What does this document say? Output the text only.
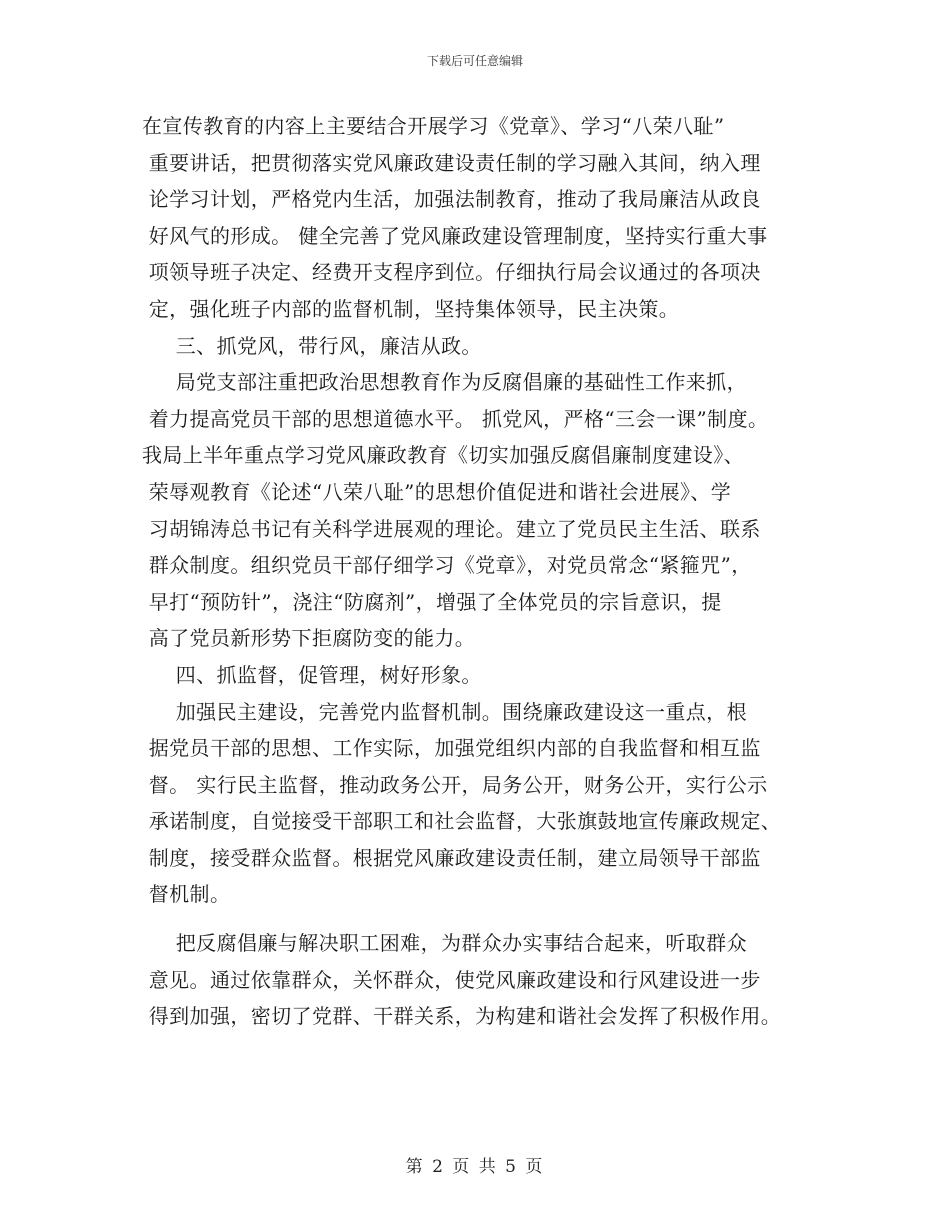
下载后可任意编辑
在宣传教育的内容上主要结合开展学习《党章》、学习“八荣八耻”
重要讲话，把贯彻落实党风廉政建设责任制的学习融入其间，纳入理
论学习计划，严格党内生活，加强法制教育，推动了我局廉洁从政良
好风气的形成。 健全完善了党风廉政建设管理制度，坚持实行重大事
项领导班子决定、经费开支程序到位。仔细执行局会议通过的各项决
定，强化班子内部的监督机制，坚持集体领导，民主决策。
三、抓党风，带行风，廉洁从政。
局党支部注重把政治思想教育作为反腐倡廉的基础性工作来抓，
着力提高党员干部的思想道德水平。 抓党风，严格“三会一课”制度。
我局上半年重点学习党风廉政教育《切实加强反腐倡廉制度建设》、
荣辱观教育《论述“八荣八耻”的思想价值促进和谐社会进展》、学
习胡锦涛总书记有关科学进展观的理论。建立了党员民主生活、联系
群众制度。组织党员干部仔细学习《党章》，对党员常念“紧箍咒”，
早打“预防针”，浇注“防腐剂”，增强了全体党员的宗旨意识，提
高了党员新形势下拒腐防变的能力。
四、抓监督，促管理，树好形象。
加强民主建设，完善党内监督机制。围绕廉政建设这一重点，根
据党员干部的思想、工作实际，加强党组织内部的自我监督和相互监
督。 实行民主监督，推动政务公开，局务公开，财务公开，实行公示
承诺制度，自觉接受干部职工和社会监督，大张旗鼓地宣传廉政规定、
制度，接受群众监督。根据党风廉政建设责任制，建立局领导干部监
督机制。
把反腐倡廉与解决职工困难，为群众办实事结合起来，听取群众
意见。通过依靠群众，关怀群众，使党风廉政建设和行风建设进一步
得到加强，密切了党群、干群关系，为构建和谐社会发挥了积极作用。
第 2 页 共 5 页
